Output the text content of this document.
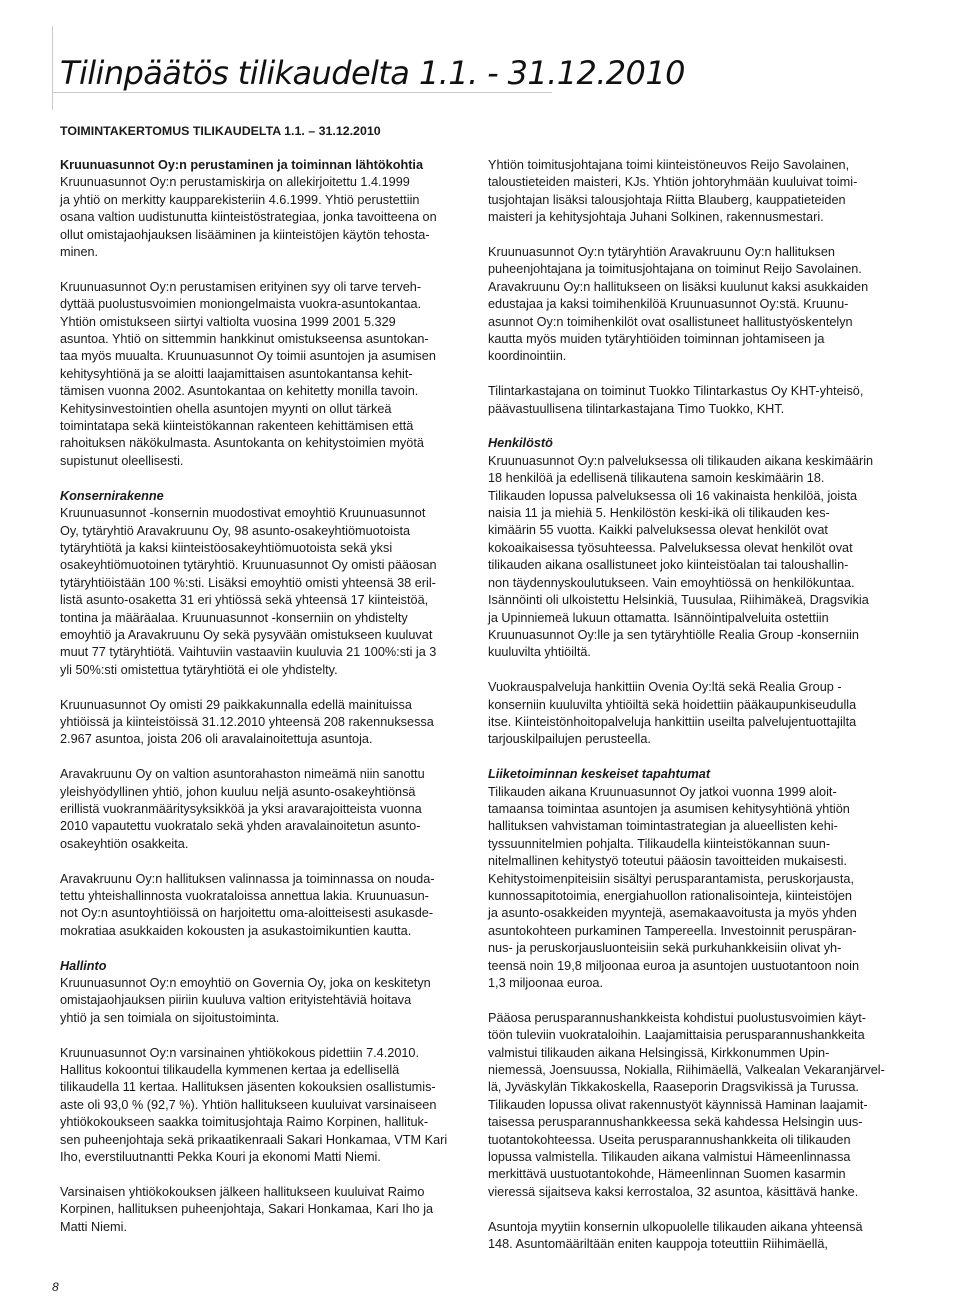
Tilinpäätös tilikaudelta 1.1. - 31.12.2010
TOIMINTAKERTOMUS TILIKAUDELTA 1.1. – 31.12.2010
Kruunuasunnot Oy:n perustaminen ja toiminnan lähtökohtia

Kruunuasunnot Oy:n perustamiskirja on allekirjoitettu 1.4.1999
ja yhtiö on merkitty kaupparekisteriin 4.6.1999. Yhtiö perustettiin
osana valtion uudistunutta kiinteistöstrategiaa, jonka tavoitteena on
ollut omistajaohjauksen lisääminen ja kiinteistöjen käytön tehosta-
minen.

Kruunuasunnot Oy:n perustamisen erityinen syy oli tarve terveh-
dyttää puolustusvoimien moniongelmaista vuokra-asuntokantaa.
Yhtiön omistukseen siirtyi valtiolta vuosina 1999 2001 5.329
asuntoa. Yhtiö on sittemmin hankkinut omistukseensa asuntokan-
taa myös muualta. Kruunuasunnot Oy toimii asuntojen ja asumisen
kehitysyhtiönä ja se aloitti laajamittaisen asuntokantansa kehit-
tämisen vuonna 2002. Asuntokantaa on kehitetty monilla tavoin.
Kehitysinvestointien ohella asuntojen myynti on ollut tärkeä
toimintatapa sekä kiinteistökannan rakenteen kehittämisen että
rahoituksen näkökulmasta. Asuntokanta on kehitystoimien myötä
supistunut oleellisesti.

Konsernirakenne

Kruunuasunnot -konsernin muodostivat emoyhtiö Kruunuasunnot
Oy, tytäryhtiö Aravakruunu Oy, 98 asunto-osakeyhtiömuotoista
tytäryhtiötä ja kaksi kiinteistöosakeyhtiömuotoista sekä yksi
osakeyhtiömuotoinen tytäryhtiö. Kruunuasunnot Oy omisti pääosan
tytäryhtiöistään 100 %:sti. Lisäksi emoyhtiö omisti yhteensä 38 eril-
listä asunto-osaketta 31 eri yhtiössä sekä yhteensä 17 kiinteistöä,
tontina ja määräalaa. Kruunuasunnot -konserniin on yhdistelty
emoyhtiö ja Aravakruunu Oy sekä pysyvään omistukseen kuuluvat
muut 77 tytäryhtiötä. Vaihtuviin vastaaviin kuuluvia 21 100%:sti ja 3
yli 50%:sti omistettua tytäryhtiötä ei ole yhdistelty.

Kruunuasunnot Oy omisti 29 paikkakunnalla edellä mainituissa
yhtiöissä ja kiinteistöissä 31.12.2010 yhteensä 208 rakennuksessa
2.967 asuntoa, joista 206 oli aravalainoitettuja asuntoja.

Aravakruunu Oy on valtion asuntorahaston nimeämä niin sanottu
yleishyödyllinen yhtiö, johon kuuluu neljä asunto-osakeyhtiönsä
erillistä vuokranmääritysyksikköä ja yksi aravarajoitteista vuonna
2010 vapautettu vuokratalo sekä yhden aravalainoitetun asunto-
osakeyhtiön osakkeita.

Aravakruunu Oy:n hallituksen valinnassa ja toiminnassa on nouda-
tettu yhteishallinnosta vuokrataloissa annettua lakia. Kruunuasun-
not Oy:n asuntoyhtiöissä on harjoitettu oma-aloitteisesti asukasde-
mokratiaa asukkaiden kokousten ja asukastoimikuntien kautta.

Hallinto

Kruunuasunnot Oy:n emoyhtiö on Governia Oy, joka on keskitetyn
omistajaohjauksen piiriin kuuluva valtion erityistehtäviä hoitava
yhtiö ja sen toimiala on sijoitustoiminta.

Kruunuasunnot Oy:n varsinainen yhtiökokous pidettiin 7.4.2010.
Hallitus kokoontui tilikaudella kymmenen kertaa ja edellisellä
tilikaudella 11 kertaa. Hallituksen jäsenten kokouksien osallistumis-
aste oli 93,0 % (92,7 %). Yhtiön hallitukseen kuuluivat varsinaiseen
yhtiökokoukseen saakka toimitusjohtaja Raimo Korpinen, hallituk-
sen puheenjohtaja sekä prikaatikenraali Sakari Honkamaa, VTM Kari
Iho, everstiluutnantti Pekka Kouri ja ekonomi Matti Niemi.

Varsinaisen yhtiökokouksen jälkeen hallitukseen kuuluivat Raimo
Korpinen, hallituksen puheenjohtaja, Sakari Honkamaa, Kari Iho ja
Matti Niemi.

Yhtiön toimitusjohtajana toimi kiinteistöneuvos Reijo Savolainen,
taloustieteiden maisteri, KJs. Yhtiön johtoryhmään kuuluivat toimi-
tusjohtajan lisäksi talousjohtaja Riitta Blauberg, kauppatieteiden
maisteri ja kehitysjohtaja Juhani Solkinen, rakennusmestari.

Kruunuasunnot Oy:n tytäryhtiön Aravakruunu Oy:n hallituksen
puheenjohtajana ja toimitusjohtajana on toiminut Reijo Savolainen.
Aravakruunu Oy:n hallitukseen on lisäksi kuulunut kaksi asukkaiden
edustajaa ja kaksi toimihenkilöä Kruunuasunnot Oy:stä. Kruunu-
asunnot Oy:n toimihenkilöt ovat osallistuneet hallitustyöskentelyn
kautta myös muiden tytäryhtiöiden toiminnan johtamiseen ja
koordinointiin.

Tilintarkastajana on toiminut Tuokko Tilintarkastus Oy KHT-yhteisö,
päävastuullisena tilintarkastajana Timo Tuokko, KHT.

Henkilöstö

Kruunuasunnot Oy:n palveluksessa oli tilikauden aikana keskimäärin
18 henkilöä ja edellisenä tilikautena samoin keskimäärin 18.
Tilikauden lopussa palveluksessa oli 16 vakinaista henkilöä, joista
naisia 11 ja miehiä 5. Henkilöstön keski-ikä oli tilikauden kes-
kimäärin 55 vuotta. Kaikki palveluksessa olevat henkilöt ovat
kokoaikaisessa työsuhteessa. Palveluksessa olevat henkilöt ovat
tilikauden aikana osallistuneet joko kiinteistöalan tai taloushallin-
non täydennyskoulutukseen. Vain emoyhtiössä on henkilökuntaa.
Isännöinti oli ulkoistettu Helsinkiä, Tuusulaa, Riihimäkeä, Dragsvikia
ja Upinniemeä lukuun ottamatta. Isännöintipalveluita ostettiin
Kruunuasunnot Oy:lle ja sen tytäryhtiölle Realia Group -konserniin
kuuluvilta yhtiöiltä.

Vuokrauspalveluja hankittiin Ovenia Oy:ltä sekä Realia Group -
konserniin kuuluvilta yhtiöiltä sekä hoidettiin pääkaupunkiseudulla
itse. Kiinteistönhoitopalveluja hankittiin useilta palvelujentuottajilta
tarjouskilpailujen perusteella.

Liiketoiminnan keskeiset tapahtumat

Tilikauden aikana Kruunuasunnot Oy jatkoi vuonna 1999 aloit-
tamaansa toimintaa asuntojen ja asumisen kehitysyhtiönä yhtiön
hallituksen vahvistaman toimintastrategian ja alueellisten kehi-
tyssuunnitelmien pohjalta. Tilikaudella kiinteistökannan suun-
nitelmallinen kehitystyö toteutui pääosin tavoitteiden mukaisesti.
Kehitystoimenpiteisiin sisältyi perusparantamista, peruskorjausta,
kunnossapitotoimia, energiahuollon rationalisointeja, kiinteistöjen
ja asunto-osakkeiden myyntejä, asemakaavoitusta ja myös yhden
asuntokohteen purkaminen Tampereella. Investoinnit peruspäran-
nus- ja peruskorjausluonteisiin sekä purkuhankkeisiin olivat yh-
teensä noin 19,8 miljoonaa euroa ja asuntojen uustuotantoon noin
1,3 miljoonaa euroa.

Pääosa perusparannushankkeista kohdistui puolustusvoimien käyt-
töön tuleviin vuokrataloihin. Laajamittaisia perusparannushankkeita
valmistui tilikauden aikana Helsingissä, Kirkkonummen Upin-
niemessä, Joensuussa, Nokialla, Riihimäellä, Valkealan Vekaranjärvel-
lä, Jyväskylän Tikkakoskella, Raaseporin Dragsvikissä ja Turussa.
Tilikauden lopussa olivat rakennustyöt käynnissä Haminan laajamit-
taisessa perusparannushankkeessa sekä kahdessa Helsingin uus-
tuotantokohteessa. Useita perusparannushankkeita oli tilikauden
lopussa valmistella. Tilikauden aikana valmistui Hämeenlinnassa
merkittävä uustuotantokohde, Hämeenlinnan Suomen kasarmin
vieressä sijaitseva kaksi kerrostaloa, 32 asuntoa, käsittävä hanke.

Asuntoja myytiin konsernin ulkopuolelle tilikauden aikana yhteensä
148. Asuntomääriltään eniten kauppoja toteuttiin Riihimäellä,

8
